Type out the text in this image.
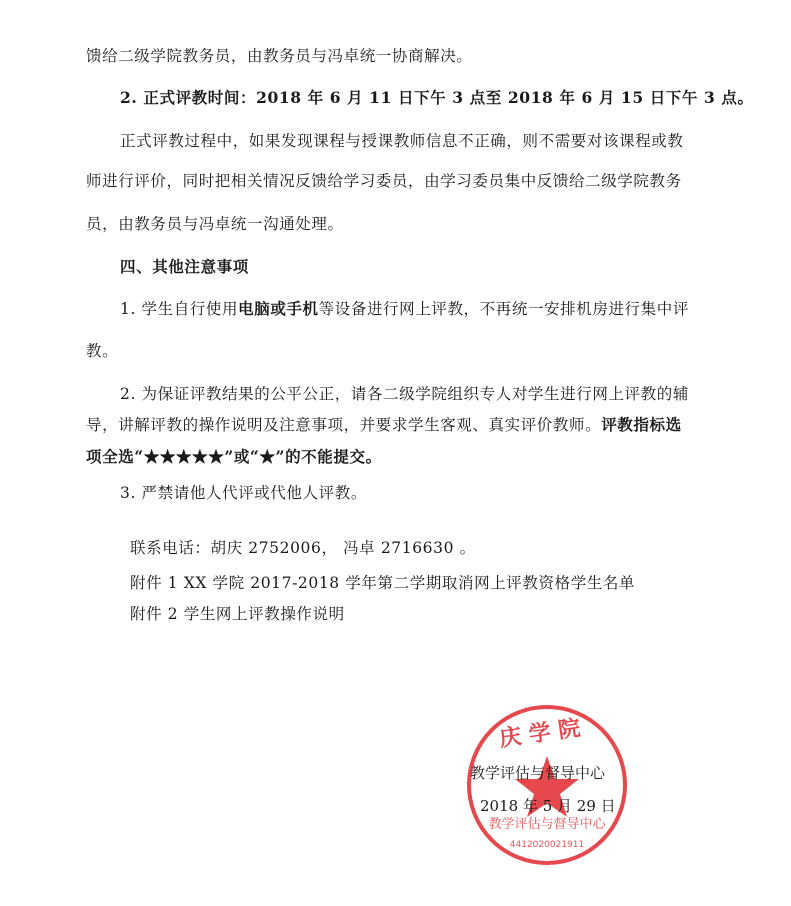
馈给二级学院教务员，由教务员与冯卓统一协商解决。
2. 正式评教时间：2018 年 6 月 11 日下午 3 点至 2018 年 6 月 15 日下午 3 点。
正式评教过程中，如果发现课程与授课教师信息不正确，则不需要对该课程或教
师进行评价，同时把相关情况反馈给学习委员，由学习委员集中反馈给二级学院教务
员，由教务员与冯卓统一沟通处理。
四、其他注意事项
1. 学生自行使用电脑或手机等设备进行网上评教，不再统一安排机房进行集中评
教。
2. 为保证评教结果的公平公正，请各二级学院组织专人对学生进行网上评教的辅
导，讲解评教的操作说明及注意事项，并要求学生客观、真实评价教师。评教指标选
项全选“★★★★★”或“★”的不能提交。
3. 严禁请他人代评或代他人评教。
联系电话：胡庆 2752006， 冯卓 2716630 。
附件 1 XX 学院 2017-2018 学年第二学期取消网上评教资格学生名单
附件 2 学生网上评教操作说明
庆 学 院
教学评估与督导中心
4412020021911
教学评估与督导中心
2018 年 5 月 29 日
